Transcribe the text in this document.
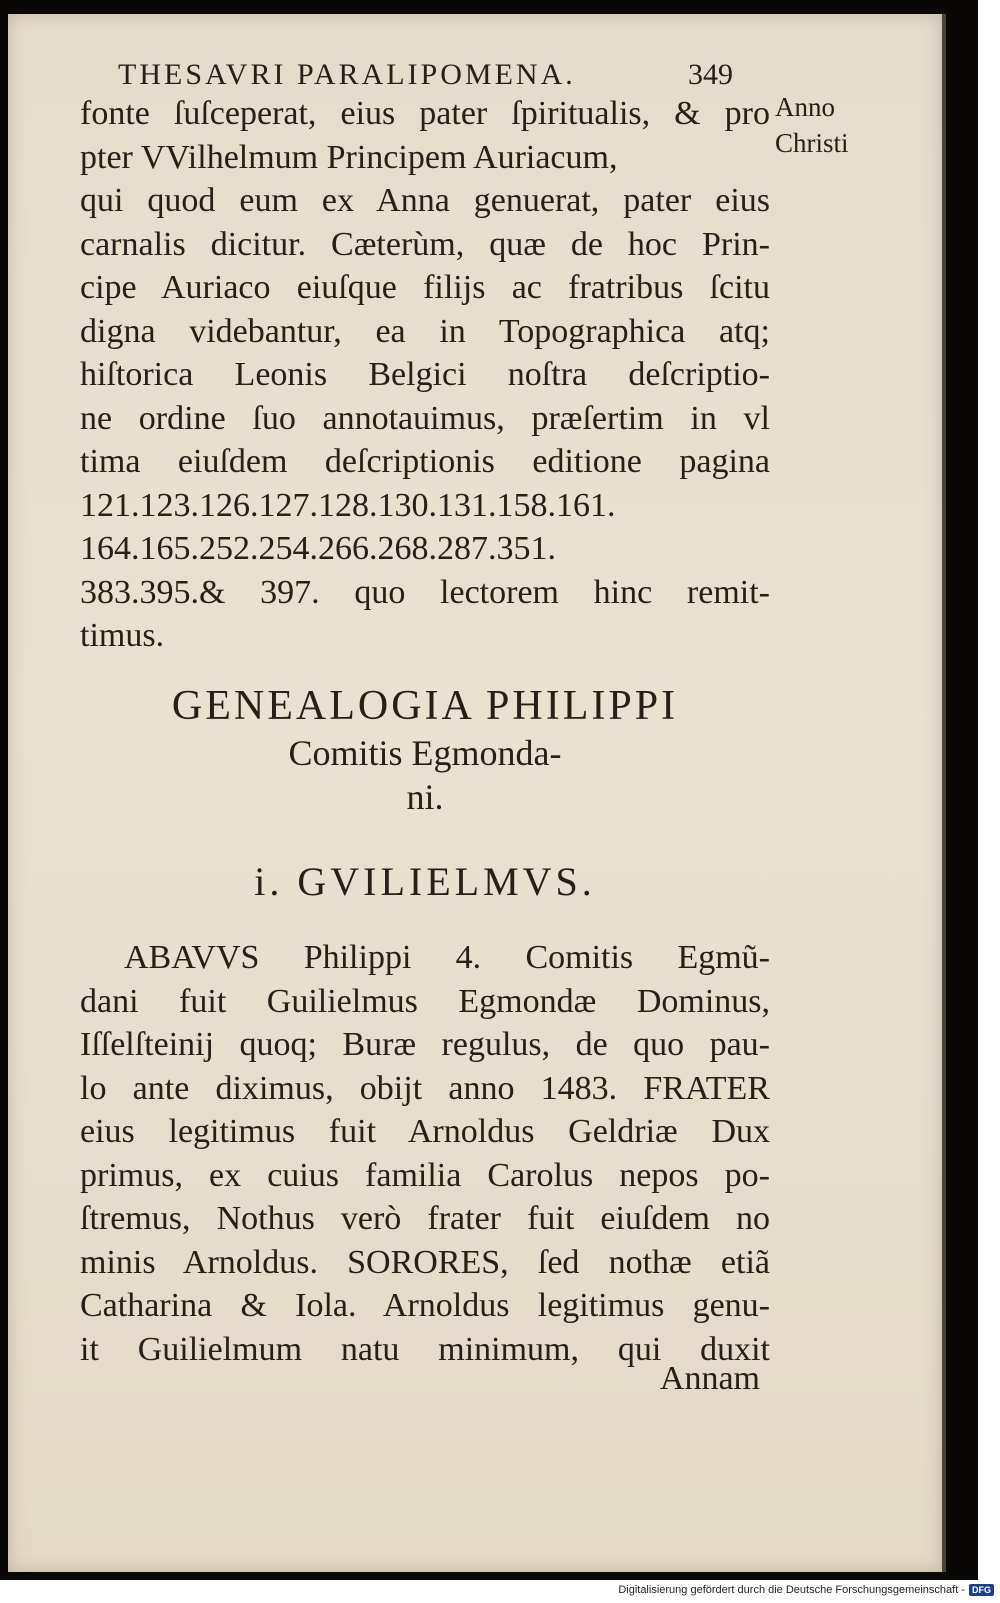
THESAVRI PARALIPOMENA.	349
Anno
Christi
fonte ſuſceperat, eius pater ſpiritualis, & pro
pter VVilhelmum Principem Auriacum,
qui quod eum ex Anna genuerat, pater eius
carnalis dicitur. Cæterùm, quæ de hoc Prin-
cipe Auriaco eiuſque filijs ac fratribus ſcitu
digna videbantur, ea in Topographica atq;
hiſtorica Leonis Belgici noſtra deſcriptio-
ne ordine ſuo annotauimus, præſertim in vl
tima eiuſdem deſcriptionis editione pagina
121.123.126.127.128.130.131.158.161.
164.165.252.254.266.268.287.351.
383.395.& 397. quo lectorem hinc remit-
timus.
GENEALOGIA PHILIPPI
Comitis Egmonda-
ni.
i. GVILIELMVS.
ABAVVS Philippi 4. Comitis Egmũ-
dani fuit Guilielmus Egmondæ Dominus,
Iſſelſteinij quoq; Buræ regulus, de quo pau-
lo ante diximus, obijt anno 1483. FRATER
eius legitimus fuit Arnoldus Geldriæ Dux
primus, ex cuius familia Carolus nepos po-
ſtremus, Nothus verò frater fuit eiuſdem no
minis Arnoldus. SORORES, ſed nothæ etiã
Catharina & Iola. Arnoldus legitimus genu-
it Guilielmum natu minimum, qui duxit
Annam
Digitalisierung gefördert durch die Deutsche Forschungsgemeinschaft - DFG
